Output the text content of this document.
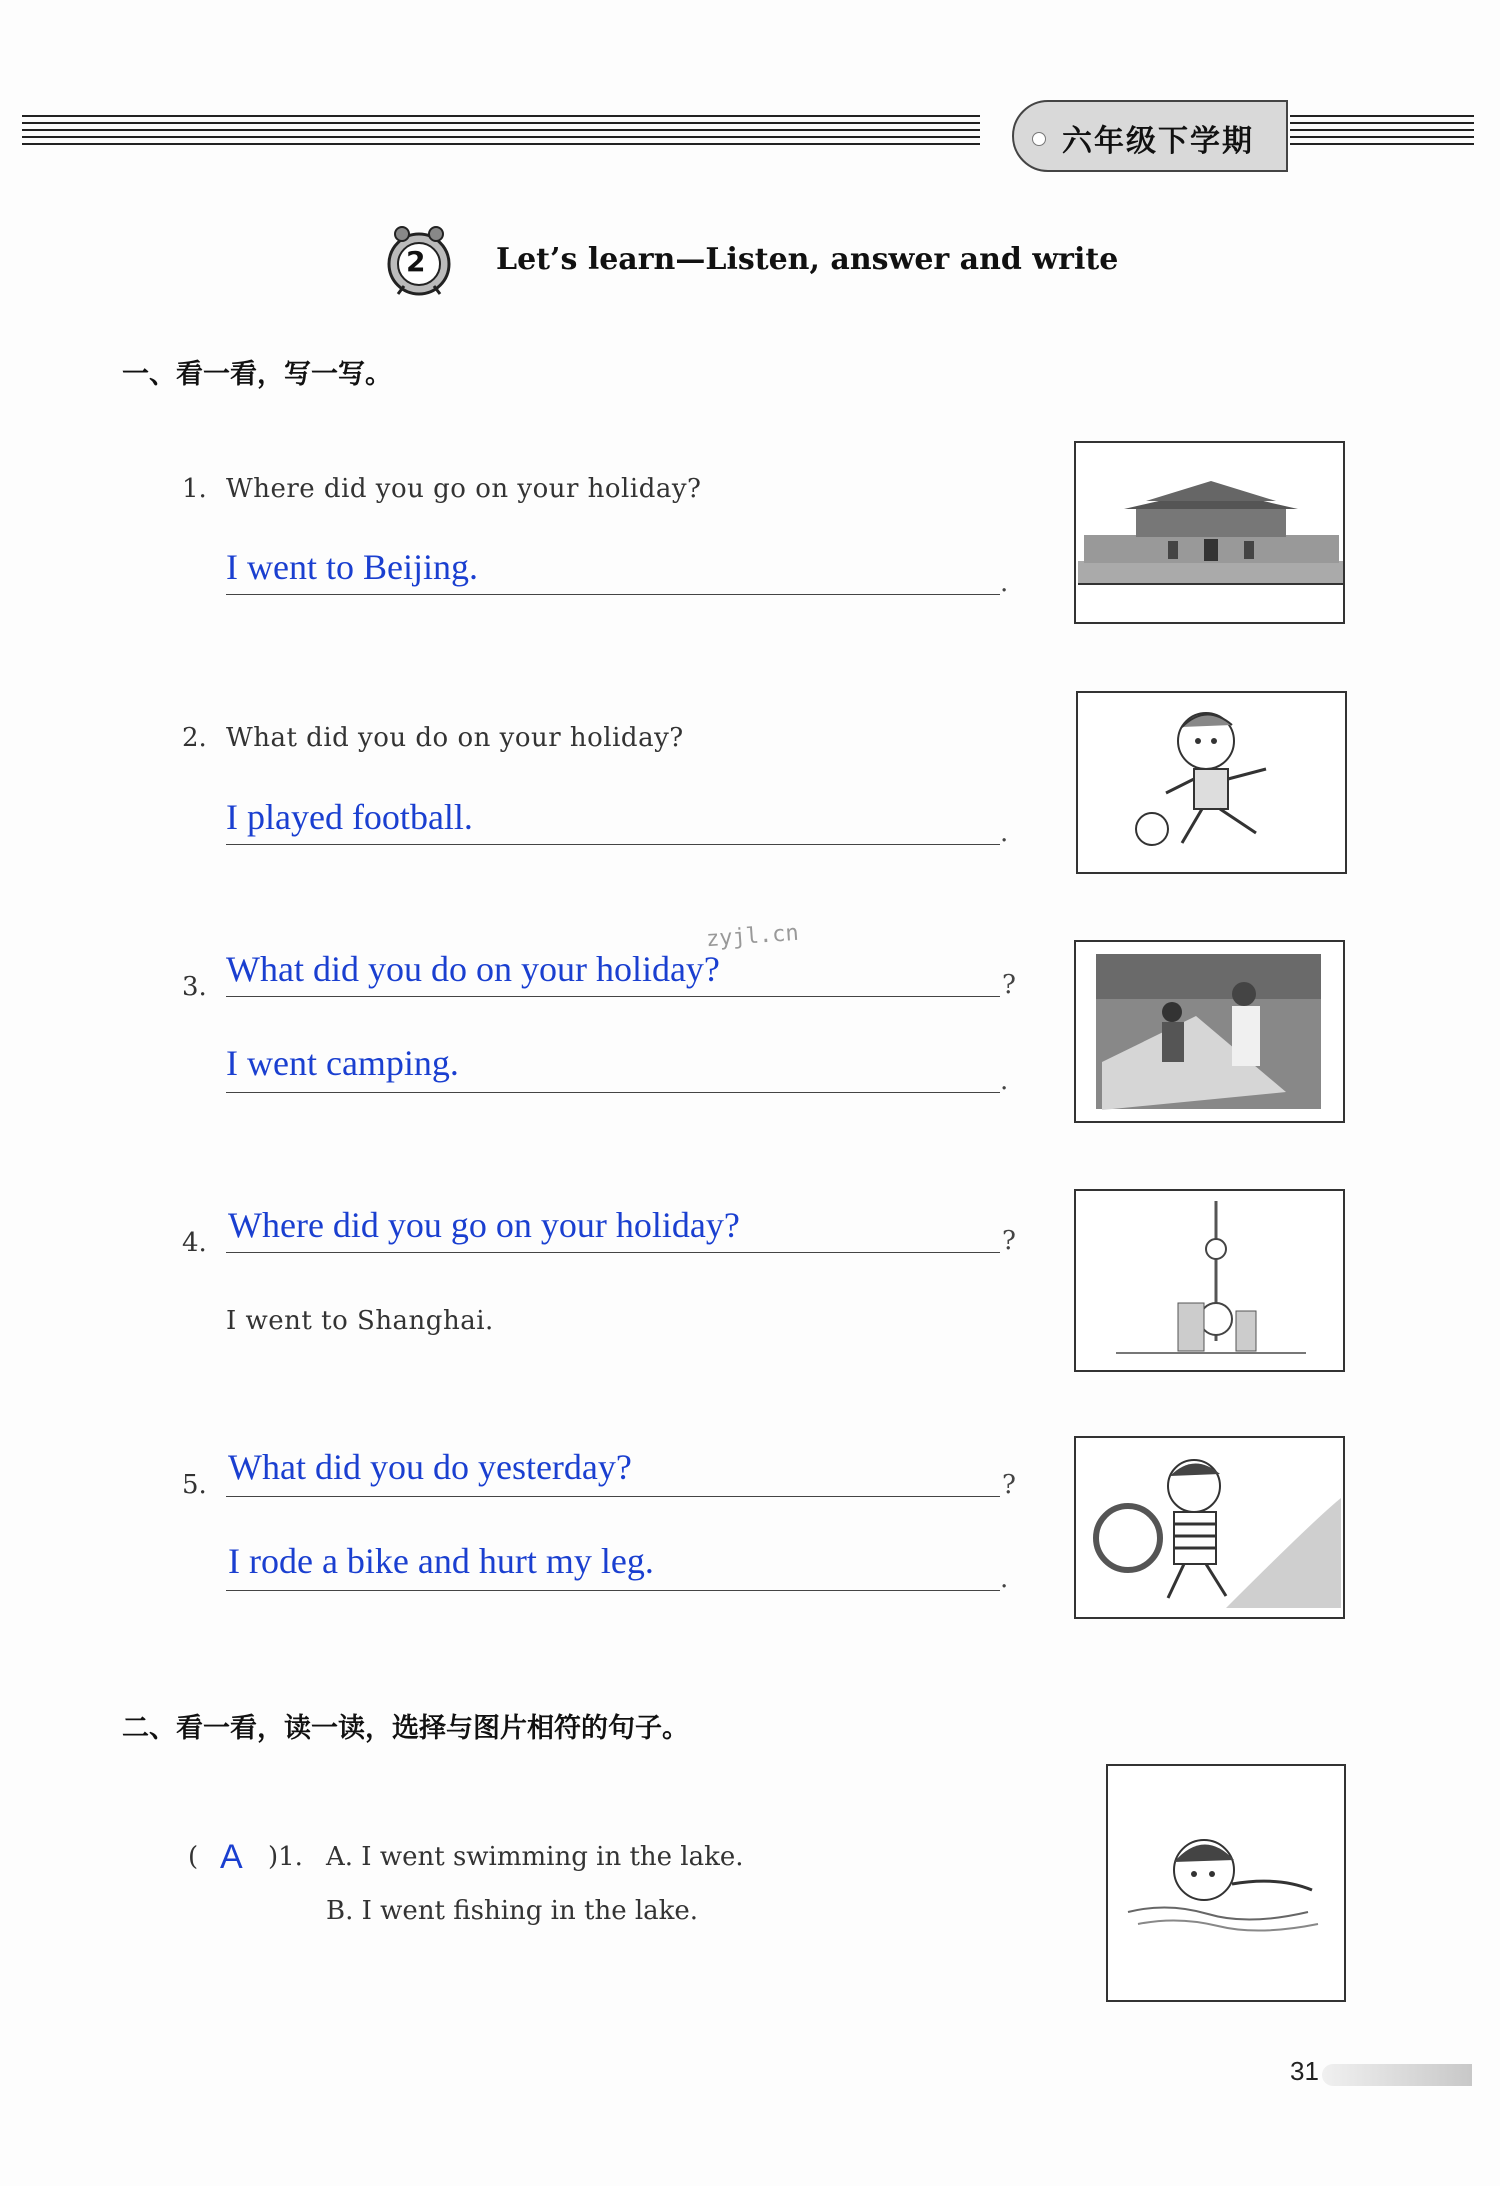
六年级下学期
2 Let’s learn—Listen, answer and write
一、看一看，写一写。
1. Where did you go on your holiday?
I went to Beijing.	.
2. What did you do on your holiday?
I played football.	.
zyjl.cn
3. What did you do on your holiday?	?
I went camping.	.
4. Where did you go on your holiday?	?
I went to Shanghai.
5. What did you do yesterday?	?
I rode a bike and hurt my leg.	.
二、看一看，读一读，选择与图片相符的句子。
( A )1. A. I went swimming in the lake.
B. I went fishing in the lake.
31
